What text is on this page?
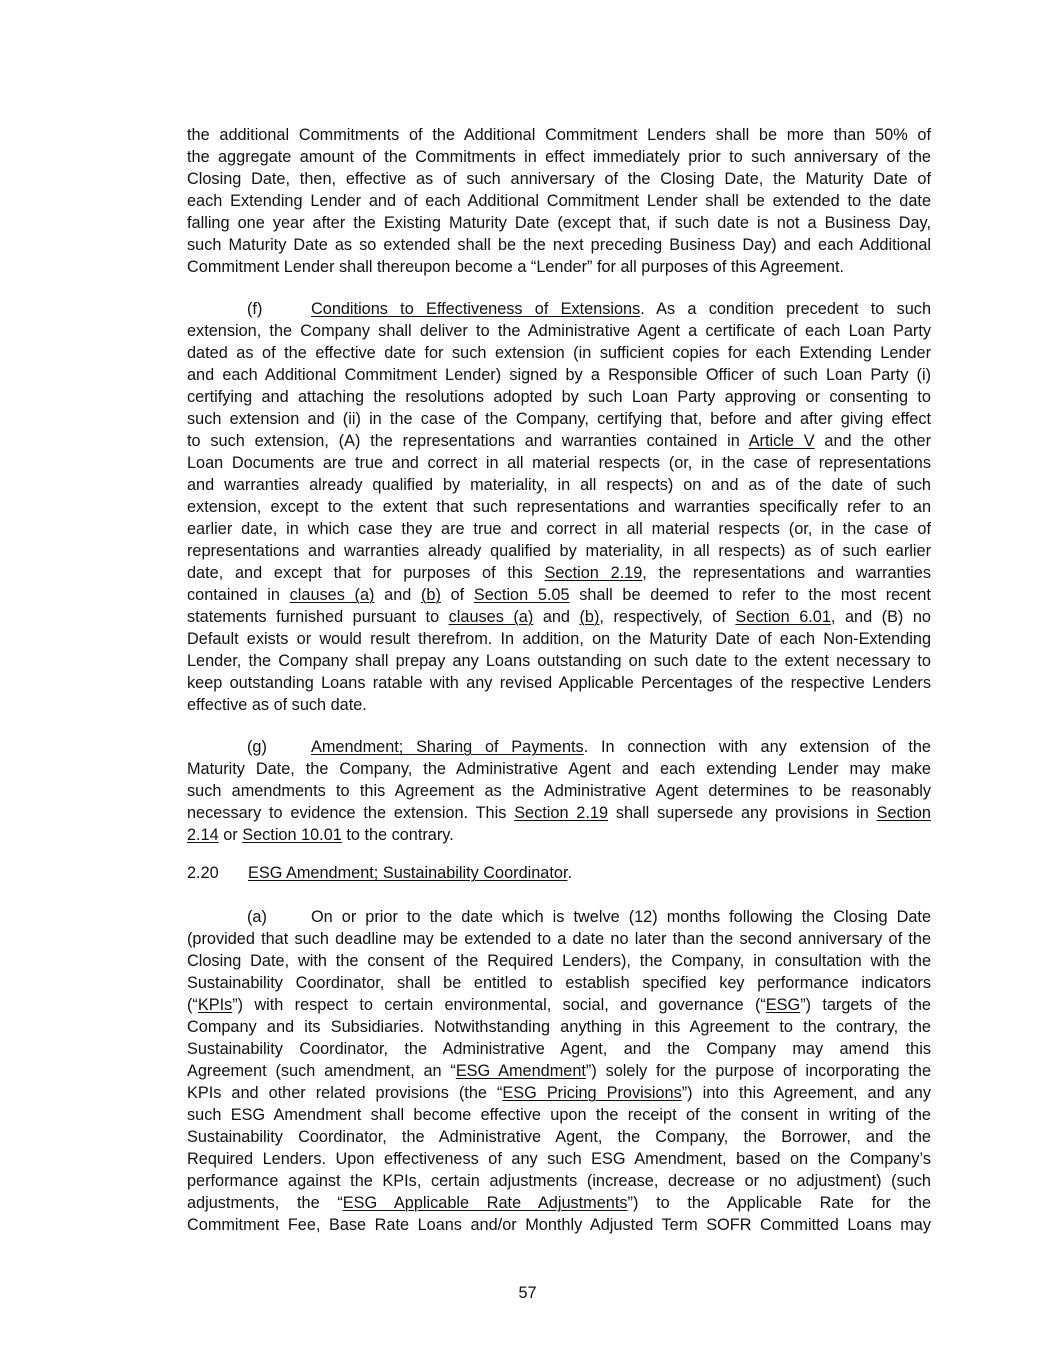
the additional Commitments of the Additional Commitment Lenders shall be more than 50% of
the aggregate amount of the Commitments in effect immediately prior to such anniversary of the
Closing Date, then, effective as of such anniversary of the Closing Date, the Maturity Date of
each Extending Lender and of each Additional Commitment Lender shall be extended to the date
falling one year after the Existing Maturity Date (except that, if such date is not a Business Day,
such Maturity Date as so extended shall be the next preceding Business Day) and each Additional
Commitment Lender shall thereupon become a “Lender” for all purposes of this Agreement.
(f)	Conditions to Effectiveness of Extensions. As a condition precedent to such
extension, the Company shall deliver to the Administrative Agent a certificate of each Loan Party
dated as of the effective date for such extension (in sufficient copies for each Extending Lender
and each Additional Commitment Lender) signed by a Responsible Officer of such Loan Party (i)
certifying and attaching the resolutions adopted by such Loan Party approving or consenting to
such extension and (ii) in the case of the Company, certifying that, before and after giving effect
to such extension, (A) the representations and warranties contained in Article V and the other
Loan Documents are true and correct in all material respects (or, in the case of representations
and warranties already qualified by materiality, in all respects) on and as of the date of such
extension, except to the extent that such representations and warranties specifically refer to an
earlier date, in which case they are true and correct in all material respects (or, in the case of
representations and warranties already qualified by materiality, in all respects) as of such earlier
date, and except that for purposes of this Section 2.19, the representations and warranties
contained in clauses (a) and (b) of Section 5.05 shall be deemed to refer to the most recent
statements furnished pursuant to clauses (a) and (b), respectively, of Section 6.01, and (B) no
Default exists or would result therefrom. In addition, on the Maturity Date of each Non-Extending
Lender, the Company shall prepay any Loans outstanding on such date to the extent necessary to
keep outstanding Loans ratable with any revised Applicable Percentages of the respective Lenders
effective as of such date.
(g)	Amendment; Sharing of Payments. In connection with any extension of the
Maturity Date, the Company, the Administrative Agent and each extending Lender may make
such amendments to this Agreement as the Administrative Agent determines to be reasonably
necessary to evidence the extension. This Section 2.19 shall supersede any provisions in Section
2.14 or Section 10.01 to the contrary.
2.20 ESG Amendment; Sustainability Coordinator.
(a)	On or prior to the date which is twelve (12) months following the Closing Date
(provided that such deadline may be extended to a date no later than the second anniversary of the
Closing Date, with the consent of the Required Lenders), the Company, in consultation with the
Sustainability Coordinator, shall be entitled to establish specified key performance indicators
(“KPIs”) with respect to certain environmental, social, and governance (“ESG”) targets of the
Company and its Subsidiaries. Notwithstanding anything in this Agreement to the contrary, the
Sustainability Coordinator, the Administrative Agent, and the Company may amend this
Agreement (such amendment, an “ESG Amendment”) solely for the purpose of incorporating the
KPIs and other related provisions (the “ESG Pricing Provisions”) into this Agreement, and any
such ESG Amendment shall become effective upon the receipt of the consent in writing of the
Sustainability Coordinator, the Administrative Agent, the Company, the Borrower, and the
Required Lenders. Upon effectiveness of any such ESG Amendment, based on the Company’s
performance against the KPIs, certain adjustments (increase, decrease or no adjustment) (such
adjustments, the “ESG Applicable Rate Adjustments”) to the Applicable Rate for the
Commitment Fee, Base Rate Loans and/or Monthly Adjusted Term SOFR Committed Loans may
57
